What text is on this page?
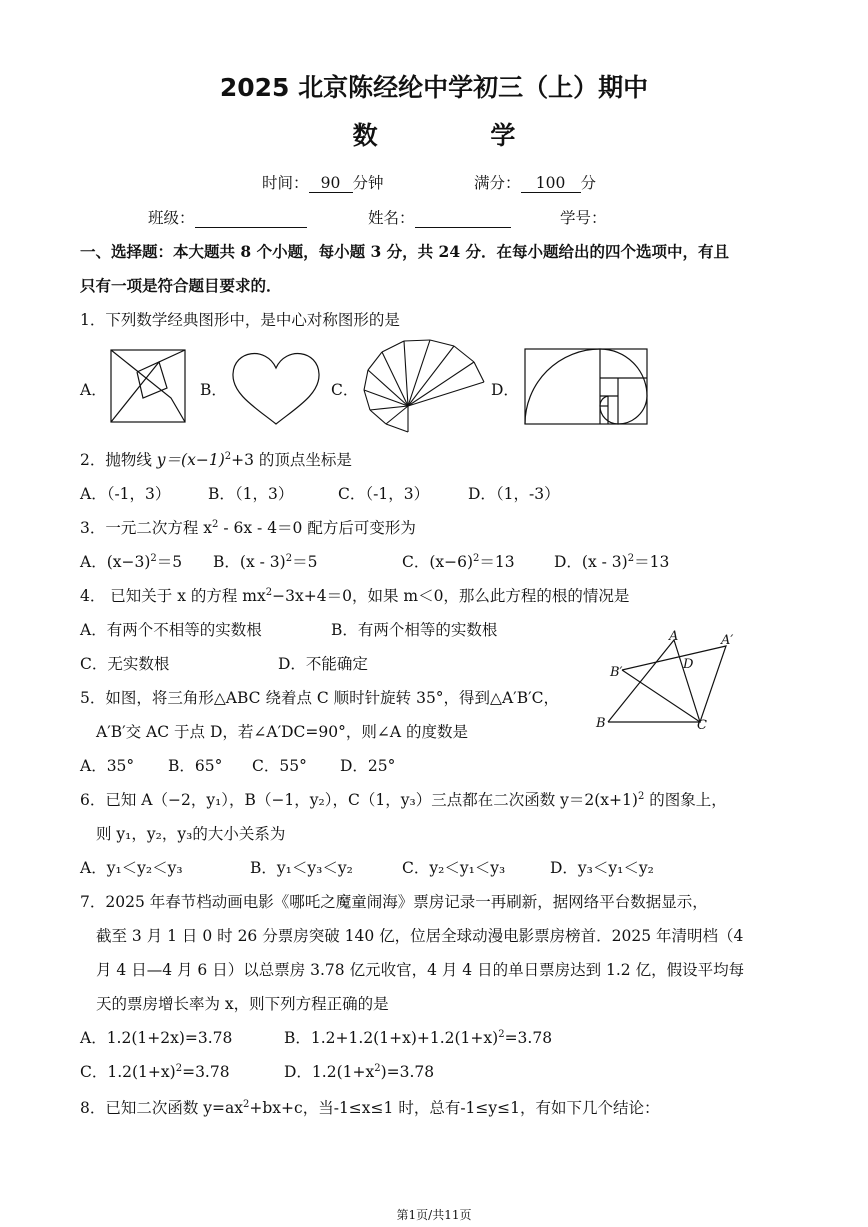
2025 北京陈经纶中学初三（上）期中
数 学
时间： 90 分钟	满分： 100 分
班级：	姓名：	学号：
一、选择题：本大题共 8 个小题，每小题 3 分，共 24 分．在每小题给出的四个选项中，有且
只有一项是符合题目要求的．
1．下列数学经典图形中，是中心对称图形的是
A．	B．	C．	D．
2．抛物线 $y=(x-1)^2+3$ 的顶点坐标是
A．（-1，3） B．（1，3）	C．（-1，3）	D．（1，-3）
3．一元二次方程 $x^2 - 6x - 4=0$ 配方后可变形为
A．$(x-3)^2=5$ B．(x - 3)$^2$＝5	C．$(x-6)^2=13$	D．(x - 3)$^2$＝13
4． 已知关于 x 的方程 $mx^2-3x+4=0$，如果 m＜0，那么此方程的根的情况是
A．有两个不相等的实数根	B．有两个相等的实数根
C．无实数根	D．不能确定
A	A′
B′
D
B	C
5．如图，将三角形△ABC 绕着点 C 顺时针旋转 35°，得到△A′B′C，
A′B′交 AC 于点 D，若∠A′DC=90°，则∠A 的度数是
A．35° B．65° C．55° D．25°
6．已知 A（−2，y₁），B（−1，y₂），C（1，y₃）三点都在二次函数 $y=2(x+1)^2$ 的图象上，
则 y₁，y₂，y₃的大小关系为
A．y₁＜y₂＜y₃	B．y₁＜y₃＜y₂	C．y₂＜y₁＜y₃	D．y₃＜y₁＜y₂
7．2025 年春节档动画电影《哪吒之魔童闹海》票房记录一再刷新，据网络平台数据显示，
截至 3 月 1 日 0 时 26 分票房突破 140 亿，位居全球动漫电影票房榜首．2025 年清明档（4
月 4 日—4 月 6 日）以总票房 3.78 亿元收官，4 月 4 日的单日票房达到 1.2 亿，假设平均每
天的票房增长率为 x，则下列方程正确的是
A．1.2(1+2x)=3.78	B．$1.2+1.2(1+x)+1.2(1+x)^2=3.78$
C．$1.2(1+x)^2=3.78$	D．$1.2(1+x^2)=3.78$
8．已知二次函数 $y=ax^2+bx+c$，当-1≤x≤1 时，总有-1≤y≤1，有如下几个结论：
第1页/共11页
